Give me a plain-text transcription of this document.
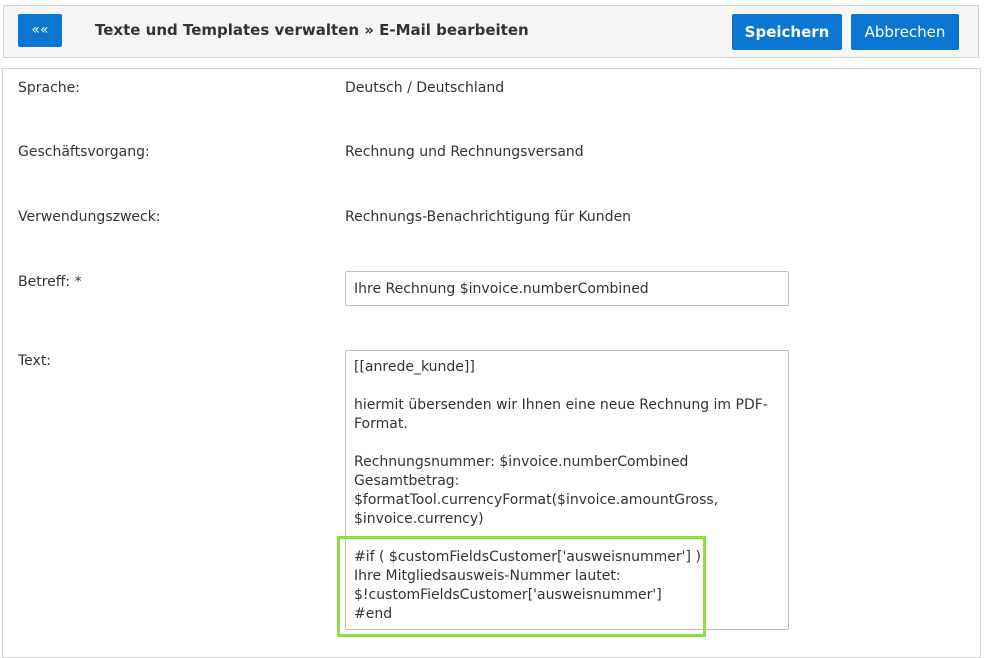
««	Texte und Templates verwalten » E-Mail bearbeiten	Speichern	Abbrechen
Sprache:	Deutsch / Deutschland
Geschäftsvorgang:	Rechnung und Rechnungsversand
Verwendungszweck:	Rechnungs-Benachrichtigung für Kunden
Betreff: *
Ihre Rechnung $invoice.numberCombined
Text:	[[anrede_kunde]]
hiermit übersenden wir Ihnen eine neue Rechnung im PDF-
Format.
Rechnungsnummer: $invoice.numberCombined
Gesamtbetrag:
$formatTool.currencyFormat($invoice.amountGross,
$invoice.currency)
#if ( $customFieldsCustomer['ausweisnummer'] )
Ihre Mitgliedsausweis-Nummer lautet:
$!customFieldsCustomer['ausweisnummer']
#end
